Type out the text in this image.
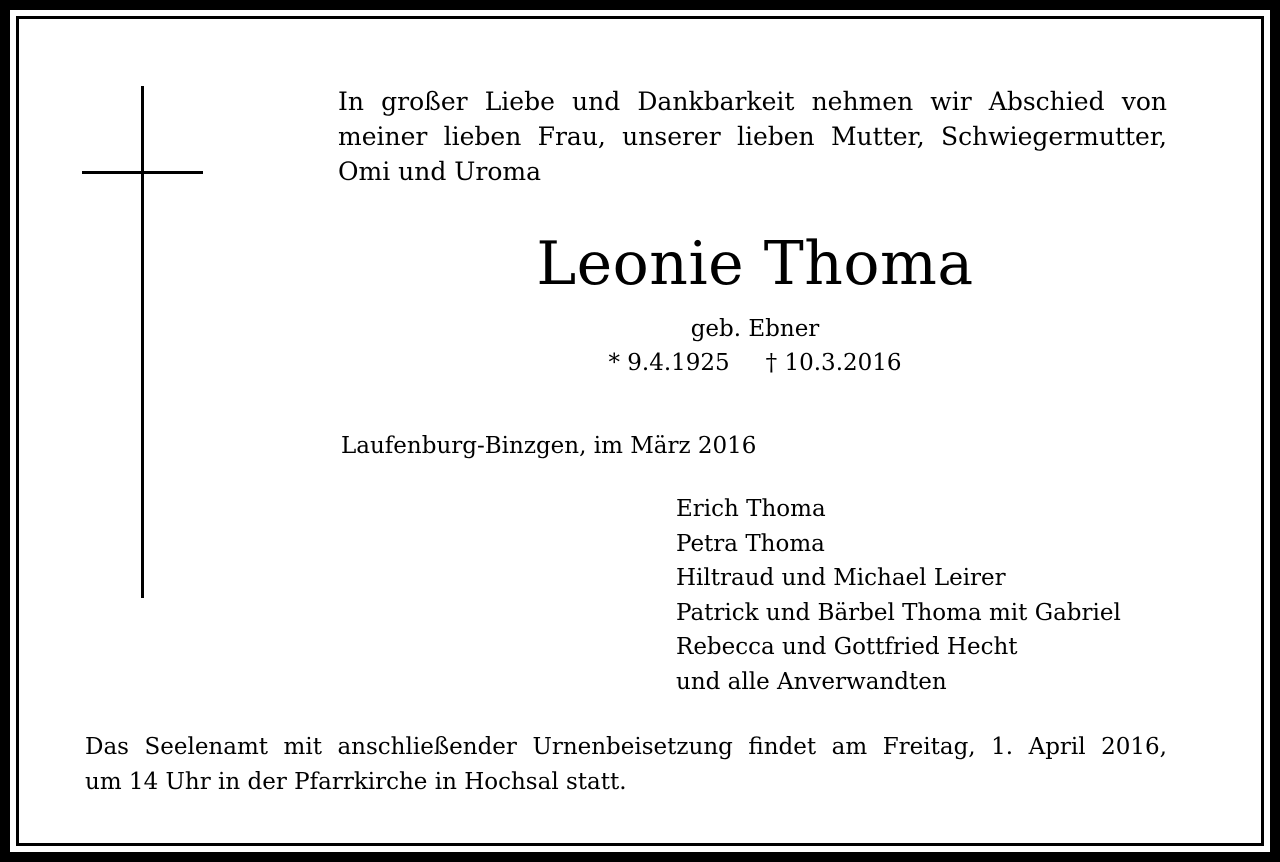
In großer Liebe und Dankbarkeit nehmen wir Abschied von
meiner lieben Frau, unserer lieben Mutter, Schwiegermutter,
Omi und Uroma
Leonie Thoma
geb. Ebner
* 9.4.1925 † 10.3.2016
Laufenburg-Binzgen, im März 2016
Erich Thoma
Petra Thoma
Hiltraud und Michael Leirer
Patrick und Bärbel Thoma mit Gabriel
Rebecca und Gottfried Hecht
und alle Anverwandten
Das Seelenamt mit anschließender Urnenbeisetzung findet am Freitag, 1. April 2016,
um 14 Uhr in der Pfarrkirche in Hochsal statt.
